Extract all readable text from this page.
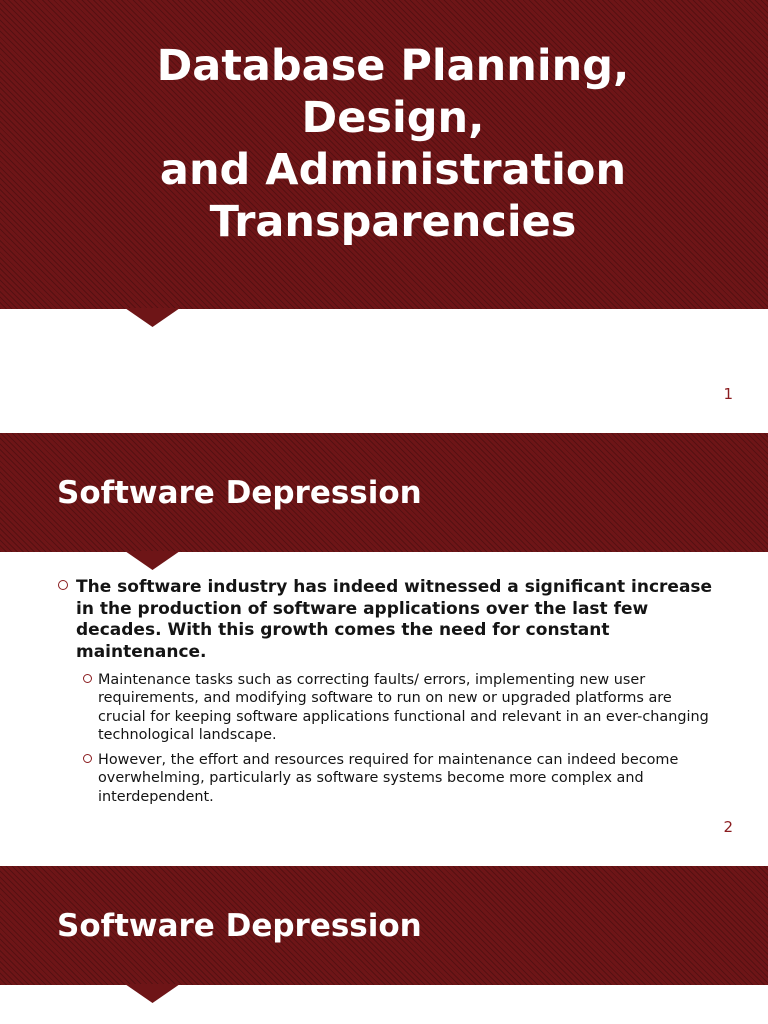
Database Planning,
Design,
and Administration
Transparencies
1
Software Depression
The software industry has indeed witnessed a significant increase in the production of software applications over the last few decades. With this growth comes the need for constant maintenance.
Maintenance tasks such as correcting faults/ errors, implementing new user requirements, and modifying software to run on new or upgraded platforms are crucial for keeping software applications functional and relevant in an ever-changing technological landscape.
However, the effort and resources required for maintenance can indeed become overwhelming, particularly as software systems become more complex and interdependent.
2
Software Depression
